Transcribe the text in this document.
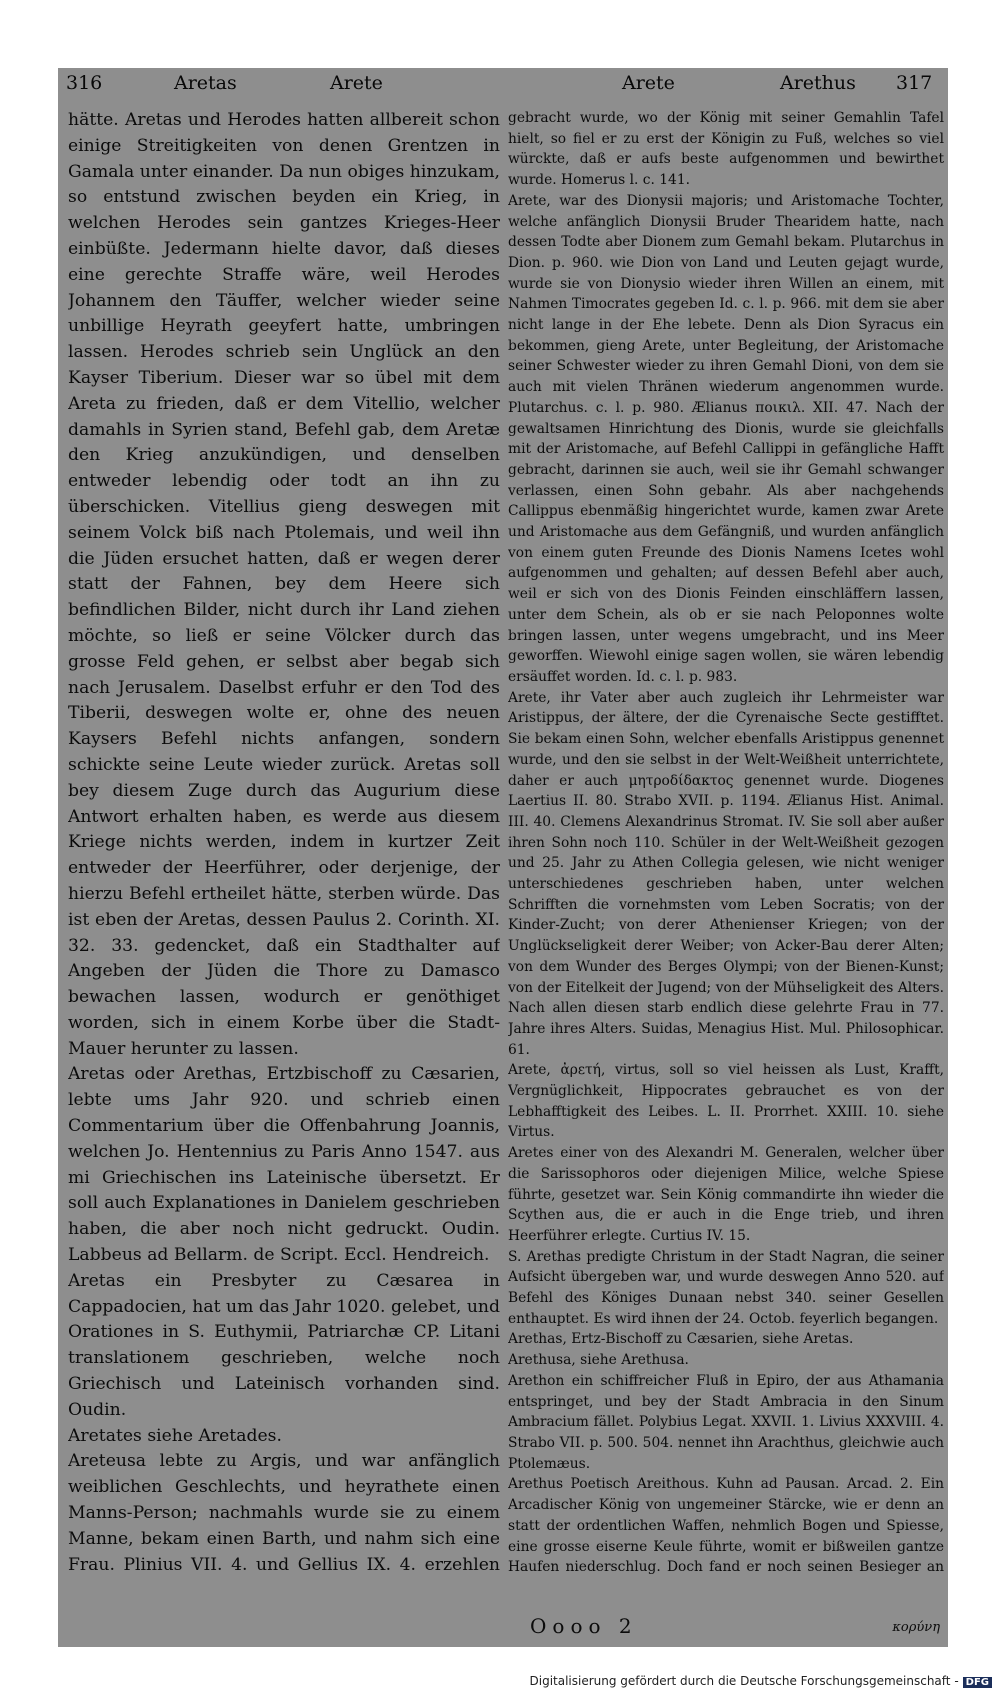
316	Aretas	Arete	Arete	Arethus 317

hätte. Aretas und Herodes hatten allbereit schon einige Streitigkeiten von denen Grentzen in Gamala unter einander. Da nun obiges hinzukam, so entstund zwischen beyden ein Krieg, in welchen Herodes sein gantzes Krieges-Heer einbüßte. Jedermann hielte davor, daß dieses eine gerechte Straffe wäre, weil Herodes Johannem den Täuffer, welcher wieder seine unbillige Heyrath geeyfert hatte, umbringen lassen. Herodes schrieb sein Unglück an den Kayser Tiberium. Dieser war so übel mit dem Areta zu frieden, daß er dem Vitellio, welcher damahls in Syrien stand, Befehl gab, dem Aretæ den Krieg anzukündigen, und denselben entweder lebendig oder todt an ihn zu überschicken. Vitellius gieng deswegen mit seinem Volck biß nach Ptolemais, und weil ihn die Jüden ersuchet hatten, daß er wegen derer statt der Fahnen, bey dem Heere sich befindlichen Bilder, nicht durch ihr Land ziehen möchte, so ließ er seine Völcker durch das grosse Feld gehen, er selbst aber begab sich nach Jerusalem. Daselbst erfuhr er den Tod des Tiberii, deswegen wolte er, ohne des neuen Kaysers Befehl nichts anfangen, sondern schickte seine Leute wieder zurück. Aretas soll bey diesem Zuge durch das Augurium diese Antwort erhalten haben, es werde aus diesem Kriege nichts werden, indem in kurtzer Zeit entweder der Heerführer, oder derjenige, der hierzu Befehl ertheilet hätte, sterben würde. Das ist eben der Aretas, dessen Paulus 2. Corinth. XI. 32. 33. gedencket, daß ein Stadthalter auf Angeben der Jüden die Thore zu Damasco bewachen lassen, wodurch er genöthiget worden, sich in einem Korbe über die Stadt-Mauer herunter zu lassen.

Aretas oder Arethas, Ertzbischoff zu Cæsarien, lebte ums Jahr 920. und schrieb einen Commentarium über die Offenbahrung Joannis, welchen Jo. Hentennius zu Paris Anno 1547. aus mi Griechischen ins Lateinische übersetzt. Er soll auch Explanationes in Danielem geschrieben haben, die aber noch nicht gedruckt. Oudin. Labbeus ad Bellarm. de Script. Eccl. Hendreich.

Aretas ein Presbyter zu Cæsarea in Cappadocien, hat um das Jahr 1020. gelebet, und Orationes in S. Euthymii, Patriarchæ CP. Litani translationem geschrieben, welche noch Griechisch und Lateinisch vorhanden sind. Oudin.

Aretates siehe Aretades.

Areteusa lebte zu Argis, und war anfänglich weiblichen Geschlechts, und heyrathete einen Manns-Person; nachmahls wurde sie zu einem Manne, bekam einen Barth, und nahm sich eine Frau. Plinius VII. 4. und Gellius IX. 4. erzehlen

gebracht wurde, wo der König mit seiner Gemahlin Tafel hielt, so fiel er zu erst der Königin zu Fuß, welches so viel würckte, daß er aufs beste aufgenommen und bewirthet wurde. Homerus l. c. 141.

Arete, war des Dionysii majoris; und Aristomache Tochter, welche anfänglich Dionysii Bruder Thearidem hatte, nach dessen Todte aber Dionem zum Gemahl bekam. Plutarchus in Dion. p. 960. wie Dion von Land und Leuten gejagt wurde, wurde sie von Dionysio wieder ihren Willen an einem, mit Nahmen Timocrates gegeben Id. c. l. p. 966. mit dem sie aber nicht lange in der Ehe lebete. Denn als Dion Syracus ein bekommen, gieng Arete, unter Begleitung, der Aristomache seiner Schwester wieder zu ihren Gemahl Dioni, von dem sie auch mit vielen Thränen wiederum angenommen wurde. Plutarchus. c. l. p. 980. Ælianus ποικιλ. XII. 47. Nach der gewaltsamen Hinrichtung des Dionis, wurde sie gleichfalls mit der Aristomache, auf Befehl Callippi in gefängliche Hafft gebracht, darinnen sie auch, weil sie ihr Gemahl schwanger verlassen, einen Sohn gebahr. Als aber nachgehends Callippus ebenmäßig hingerichtet wurde, kamen zwar Arete und Aristomache aus dem Gefängniß, und wurden anfänglich von einem guten Freunde des Dionis Namens Icetes wohl aufgenommen und gehalten; auf dessen Befehl aber auch, weil er sich von des Dionis Feinden einschläffern lassen, unter dem Schein, als ob er sie nach Peloponnes wolte bringen lassen, unter wegens umgebracht, und ins Meer geworffen. Wiewohl einige sagen wollen, sie wären lebendig ersäuffet worden. Id. c. l. p. 983.

Arete, ihr Vater aber auch zugleich ihr Lehrmeister war Aristippus, der ältere, der die Cyrenaische Secte gestifftet. Sie bekam einen Sohn, welcher ebenfalls Aristippus genennet wurde, und den sie selbst in der Welt-Weißheit unterrichtete, daher er auch μητροδίδακτος genennet wurde. Diogenes Laertius II. 80. Strabo XVII. p. 1194. Ælianus Hist. Animal. III. 40. Clemens Alexandrinus Stromat. IV. Sie soll aber außer ihren Sohn noch 110. Schüler in der Welt-Weißheit gezogen und 25. Jahr zu Athen Collegia gelesen, wie nicht weniger unterschiedenes geschrieben haben, unter welchen Schrifften die vornehmsten vom Leben Socratis; von der Kinder-Zucht; von derer Athenienser Kriegen; von der Unglückseligkeit derer Weiber; von Acker-Bau derer Alten; von dem Wunder des Berges Olympi; von der Bienen-Kunst; von der Eitelkeit der Jugend; von der Mühseligkeit des Alters. Nach allen diesen starb endlich diese gelehrte Frau in 77. Jahre ihres Alters. Suidas, Menagius Hist. Mul. Philosophicar. 61.

Arete, ἀρετή, virtus, soll so viel heissen als Lust, Krafft, Vergnüglichkeit, Hippocrates gebrauchet es von der Lebhafftigkeit des Leibes. L. II. Prorrhet. XXIII. 10. siehe Virtus.

Aretes einer von des Alexandri M. Generalen, welcher über die Sarissophoros oder diejenigen Milice, welche Spiese führte, gesetzet war. Sein König commandirte ihn wieder die Scythen aus, die er auch in die Enge trieb, und ihren Heerführer erlegte. Curtius IV. 15.

S. Arethas predigte Christum in der Stadt Nagran, die seiner Aufsicht übergeben war, und wurde deswegen Anno 520. auf Befehl des Königes Dunaan nebst 340. seiner Gesellen enthauptet. Es wird ihnen der 24. Octob. feyerlich begangen.

Arethas, Ertz-Bischoff zu Cæsarien, siehe Aretas.

Arethusa, siehe Arethusa.

Arethon ein schiffreicher Fluß in Epiro, der aus Athamania entspringet, und bey der Stadt Ambracia in den Sinum Ambracium fället. Polybius Legat. XXVII. 1. Livius XXXVIII. 4. Strabo VII. p. 500. 504. nennet ihn Arachthus, gleichwie auch Ptolemæus.

Arethus Poetisch Areithous. Kuhn ad Pausan. Arcad. 2. Ein Arcadischer König von ungemeiner Stärcke, wie er denn an statt der ordentlichen Waffen, nehmlich Bogen und Spiesse, eine grosse eiserne Keule führte, womit er bißweilen gantze Haufen niederschlug. Doch fand er noch seinen Besieger an

Oooo 2	κορύνη
Digitalisierung gefördert durch die Deutsche Forschungsgemeinschaft - DFG
